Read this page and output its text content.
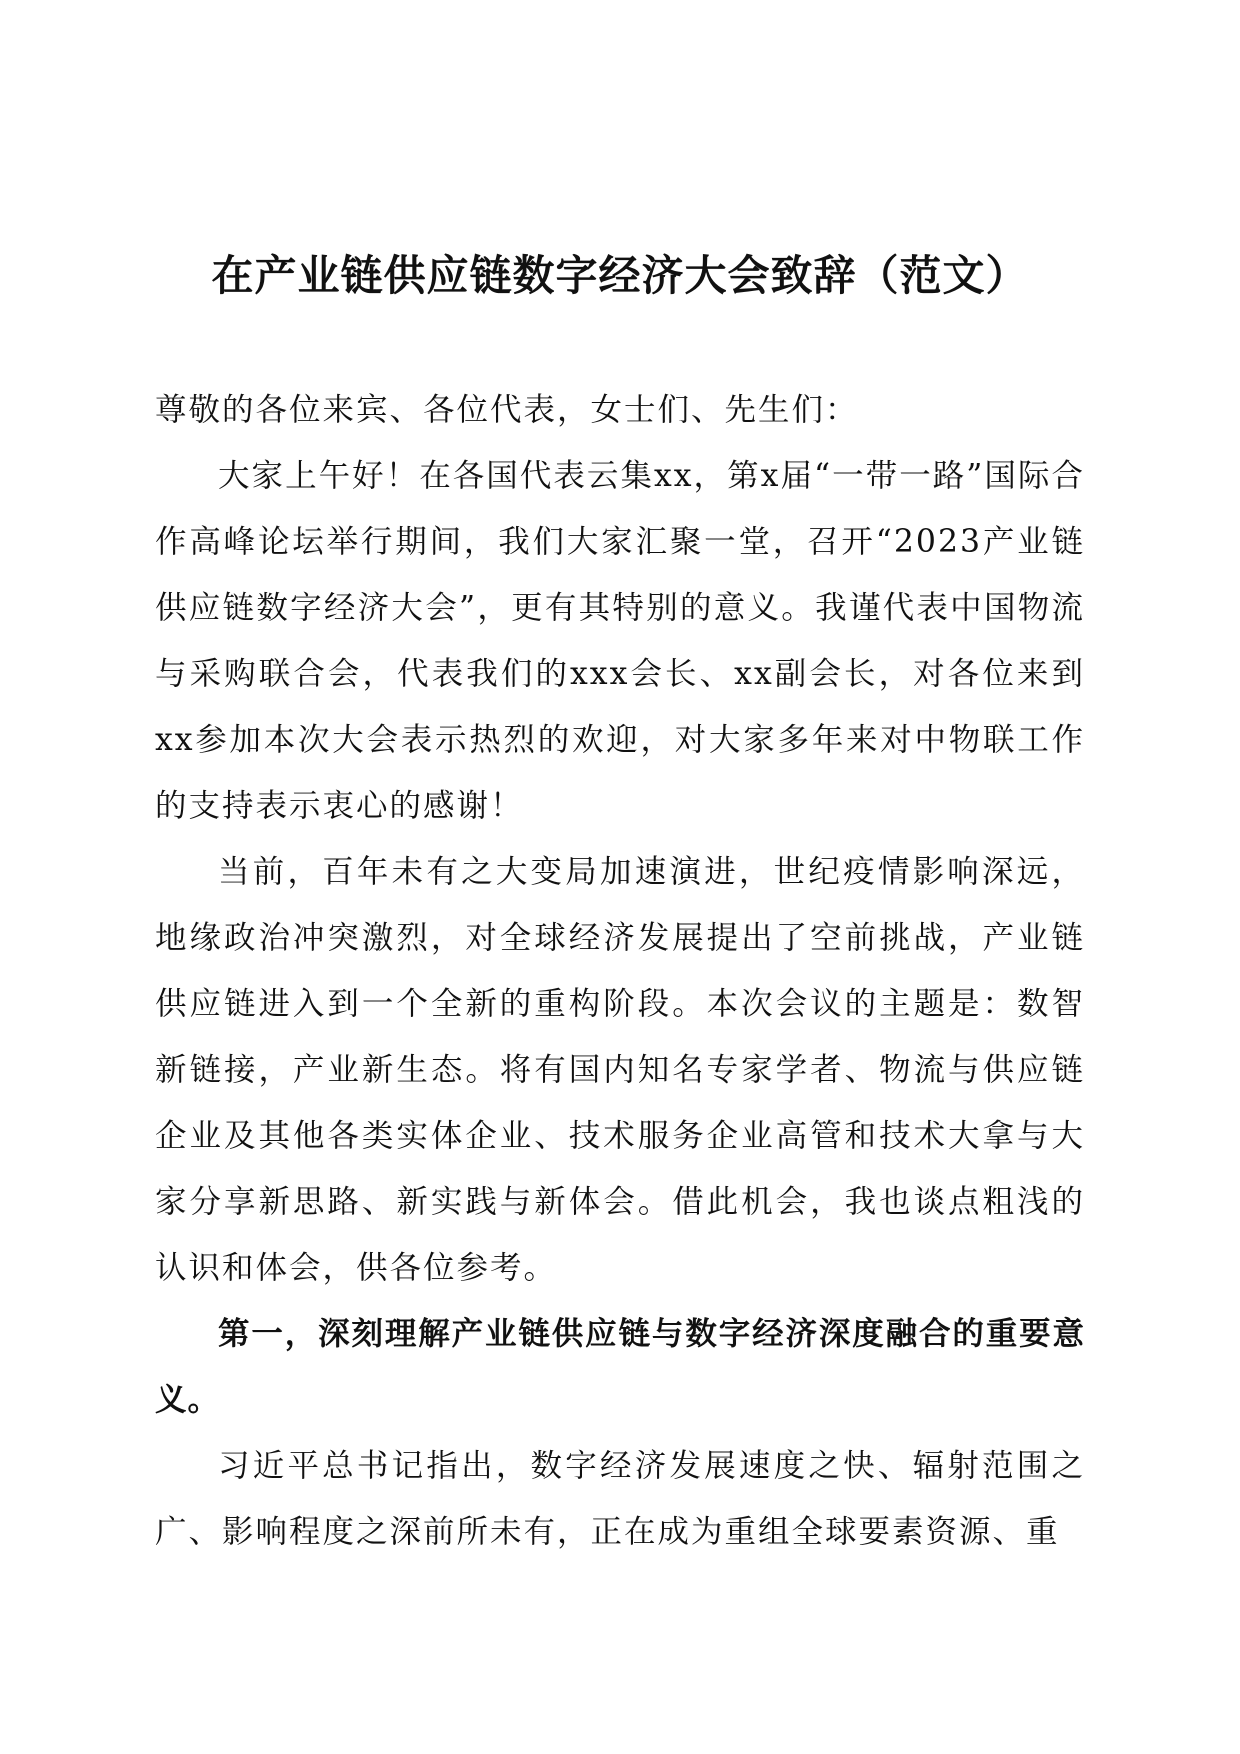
在产业链供应链数字经济大会致辞（范文）

尊敬的各位来宾、各位代表，女士们、先生们：

大家上午好！在各国代表云集xx，第x届“一带一路”国际合作高峰论坛举行期间，我们大家汇聚一堂，召开“2023产业链供应链数字经济大会”，更有其特别的意义。我谨代表中国物流与采购联合会，代表我们的xxx会长、xx副会长，对各位来到xx参加本次大会表示热烈的欢迎，对大家多年来对中物联工作的支持表示衷心的感谢！

当前，百年未有之大变局加速演进，世纪疫情影响深远，地缘政治冲突激烈，对全球经济发展提出了空前挑战，产业链供应链进入到一个全新的重构阶段。本次会议的主题是：数智新链接，产业新生态。将有国内知名专家学者、物流与供应链企业及其他各类实体企业、技术服务企业高管和技术大拿与大家分享新思路、新实践与新体会。借此机会，我也谈点粗浅的认识和体会，供各位参考。

第一，深刻理解产业链供应链与数字经济深度融合的重要意义。

习近平总书记指出，数字经济发展速度之快、辐射范围之广、影响程度之深前所未有，正在成为重组全球要素资源、重
